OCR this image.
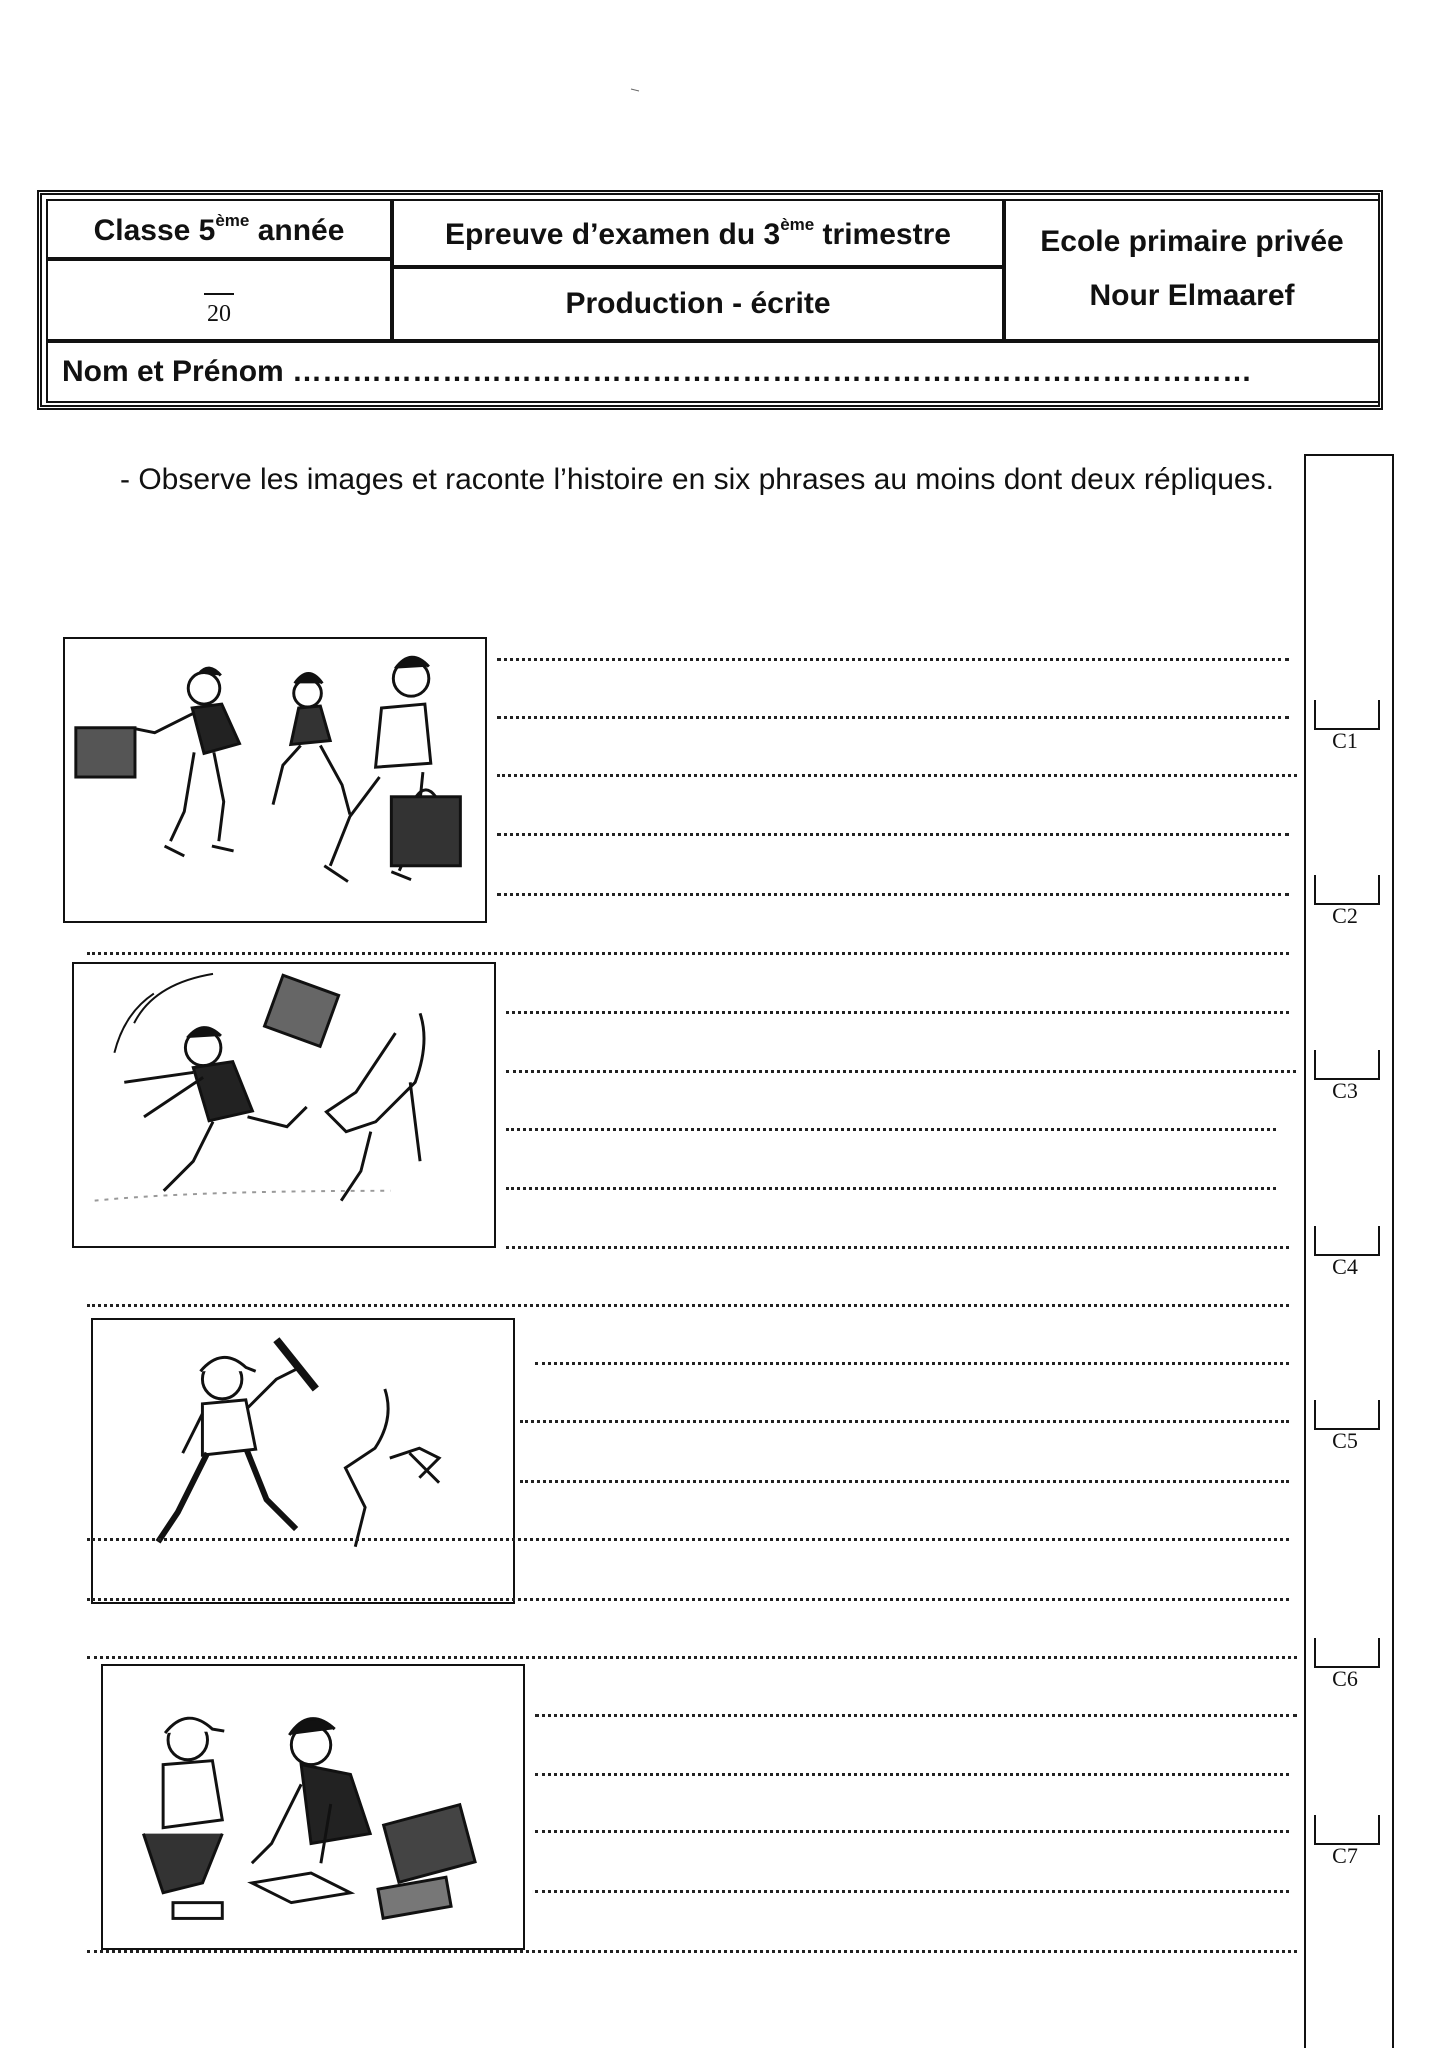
Classe 5ème année	Epreuve d’examen du 3ème trimestre	Ecole primaire privée
Nour Elmaaref
20	Production - écrite
Nom et Prénom ……………………………………………………………………………………
- Observe les images et raconte l’histoire en six phrases au moins dont deux répliques.
C1
C2
C3
C4
C5
C6
C7
